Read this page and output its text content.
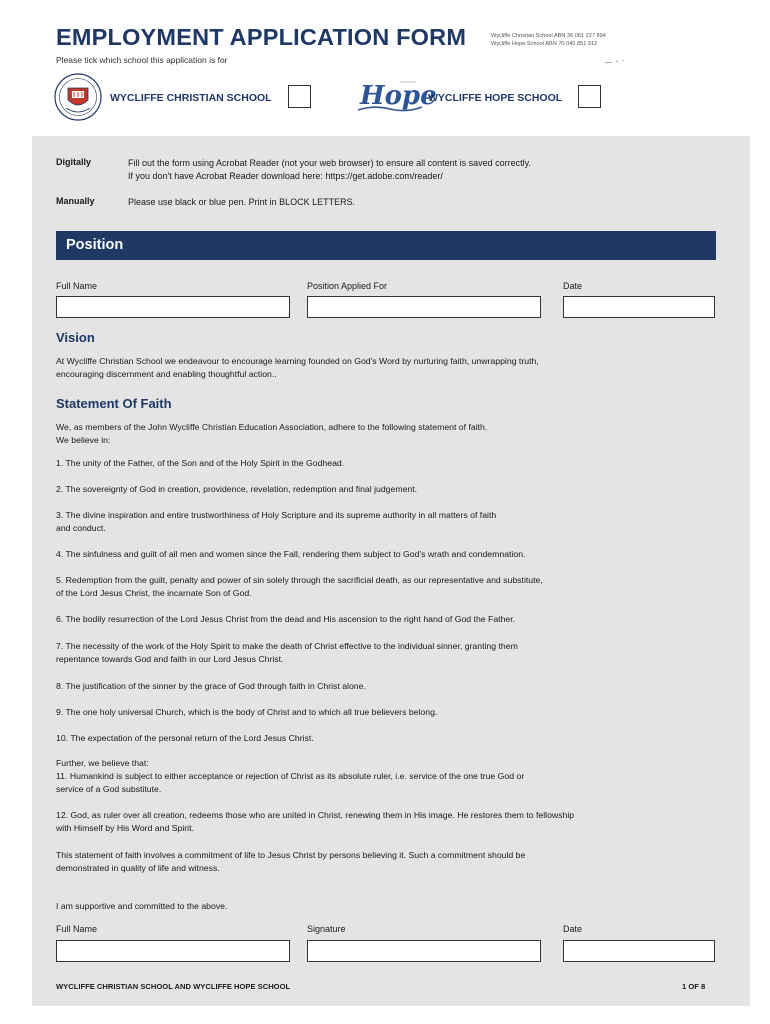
EMPLOYMENT APPLICATION FORM
Please tick which school this application is for
Wycliffe Christian School ABN 36 081 227 894
Wycliffe Hope School ABN 70 040 851 912
WYCLIFFE CHRISTIAN SCHOOL	Hope
WYCLIFFE HOPE SCHOOL
Digitally	Fill out the form using Acrobat Reader (not your web browser) to ensure all content is saved correctly.
If you don't have Acrobat Reader download here: https://get.adobe.com/reader/
Manually	Please use black or blue pen. Print in BLOCK LETTERS.
Position
Full Name	Position Applied For	Date
Vision
At Wycliffe Christian School we endeavour to encourage learning founded on God's Word by nurturing faith, unwrapping truth,
encouraging discernment and enabling thoughtful action..
Statement Of Faith
We, as members of the John Wycliffe Christian Education Association, adhere to the following statement of faith.
We believe in:
1. The unity of the Father, of the Son and of the Holy Spirit in the Godhead.
2. The sovereignty of God in creation, providence, revelation, redemption and final judgement.
3. The divine inspiration and entire trustworthiness of Holy Scripture and its supreme authority in all matters of faith
and conduct.
4. The sinfulness and guilt of all men and women since the Fall, rendering them subject to God's wrath and condemnation.
5. Redemption from the guilt, penalty and power of sin solely through the sacrificial death, as our representative and substitute,
of the Lord Jesus Christ, the incarnate Son of God.
6. The bodily resurrection of the Lord Jesus Christ from the dead and His ascension to the right hand of God the Father.
7. The necessity of the work of the Holy Spirit to make the death of Christ effective to the individual sinner, granting them
repentance towards God and faith in our Lord Jesus Christ.
8. The justification of the sinner by the grace of God through faith in Christ alone.
9. The one holy universal Church, which is the body of Christ and to which all true believers belong.
10. The expectation of the personal return of the Lord Jesus Christ.
Further, we believe that:
11. Humankind is subject to either acceptance or rejection of Christ as its absolute ruler, i.e. service of the one true God or
service of a God substitute.
12. God, as ruler over all creation, redeems those who are united in Christ, renewing them in His image. He restores them to fellowship
with Himself by His Word and Spirit.
This statement of faith involves a commitment of life to Jesus Christ by persons believing it. Such a commitment should be
demonstrated in quality of life and witness.
I am supportive and committed to the above.
Full Name	Signature	Date
WYCLIFFE CHRISTIAN SCHOOL AND WYCLIFFE HOPE SCHOOL	1 OF 8
